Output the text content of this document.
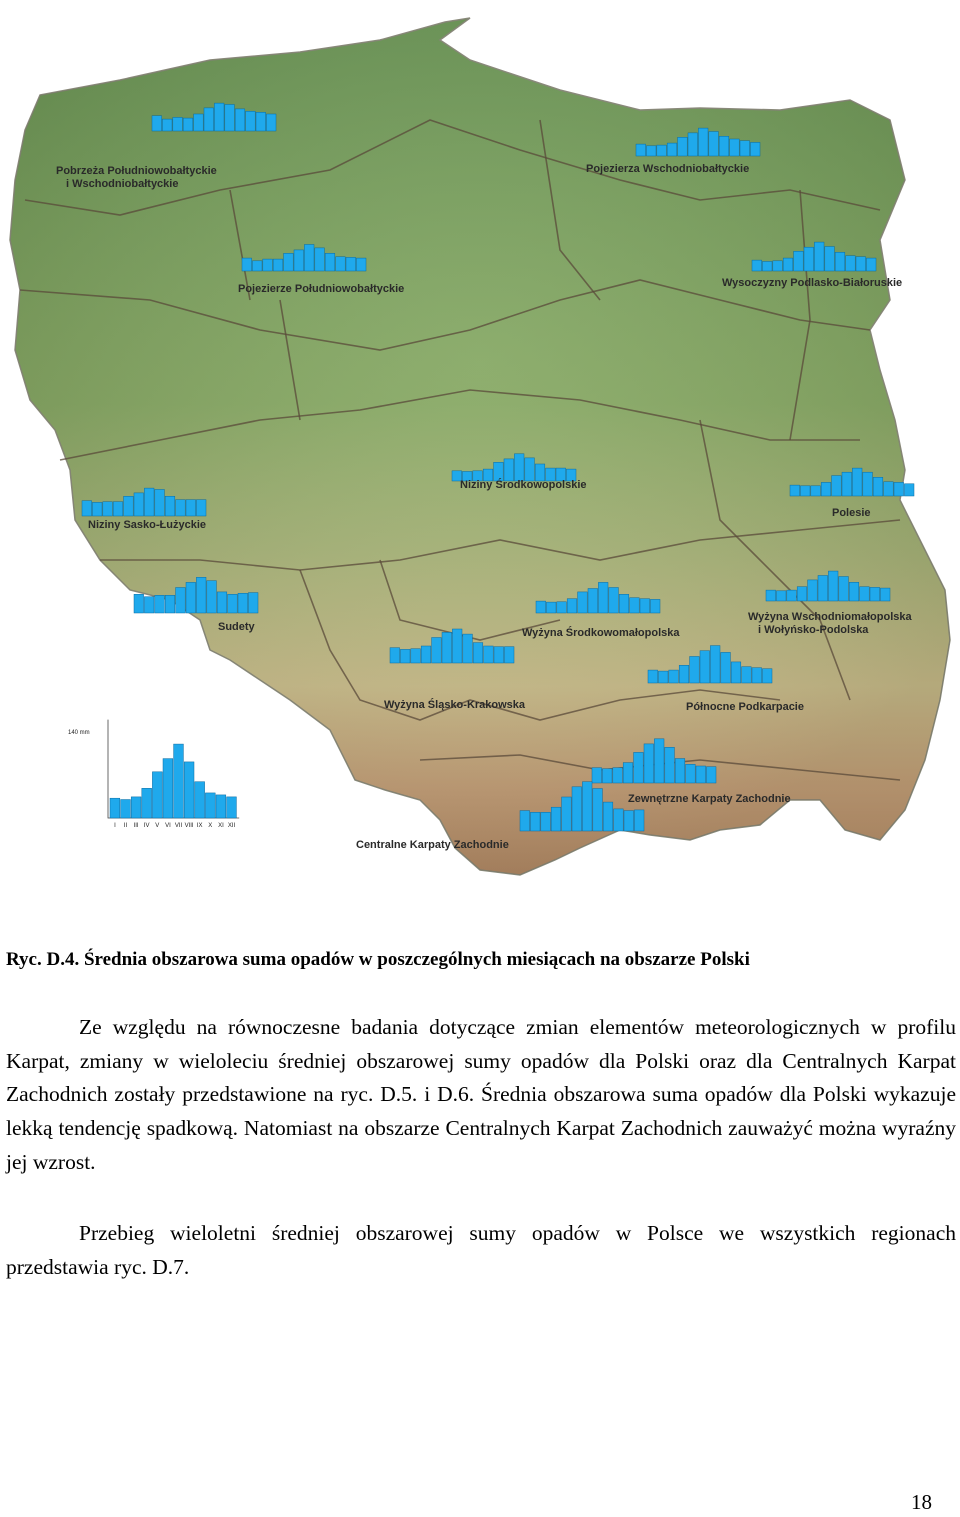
Pobrzeża Południowobałtyckie i Wschodniobałtyckie
Pojezierza Wschodniobałtyckie
Pojezierze Południowobałtyckie	Wysoczyzny Podlasko-Białoruskie
Niziny Środkowopolskie
Polesie
Niziny Sasko-Łużyckie
Sudety	Wyżyna Środkowomałopolska
Wyżyna Wschodniomałopolska i Wołyńsko-Podolska
Wyżyna Śląsko-Krakowska	Północne Podkarpacie
Zewnętrzne Karpaty Zachodnie
Centralne Karpaty Zachodnie
140 mm
I II III IV V VI VII VIII IX X XI XII
Ryc. D.4. Średnia obszarowa suma opadów w poszczególnych miesiącach na obszarze Polski

Ze względu na równoczesne badania dotyczące zmian elementów meteorologicznych w profilu Karpat, zmiany w wieloleciu średniej obszarowej sumy opadów dla Polski oraz dla Centralnych Karpat Zachodnich zostały przedstawione na ryc. D.5. i D.6. Średnia obszarowa suma opadów dla Polski wykazuje lekką tendencję spadkową. Natomiast na obszarze Centralnych Karpat Zachodnich zauważyć można wyraźny jej wzrost.

Przebieg wieloletni średniej obszarowej sumy opadów w Polsce we wszystkich regionach przedstawia ryc. D.7.

18
